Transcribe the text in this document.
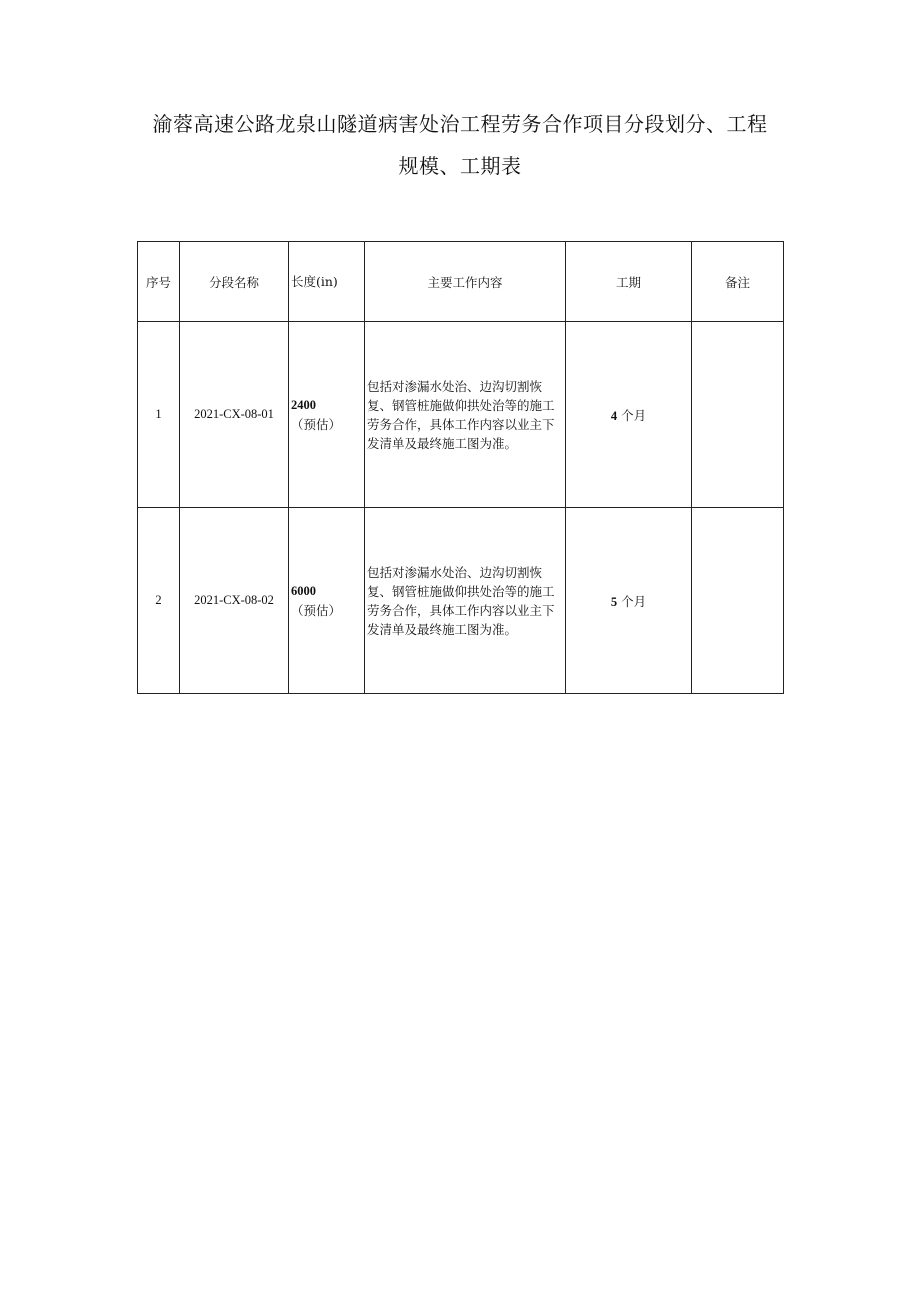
渝蓉高速公路龙泉山隧道病害处治工程劳务合作项目分段划分、工程
规模、工期表
序号	分段名称	长度(in)	主要工作内容	工期	备注
1	2021-CX-08-01	2400（预估）	包括对渗漏水处治、边沟切割恢复、钢管桩施做仰拱处治等的施工劳务合作，具体工作内容以业主下发清单及最终施工图为准。	4 个月	
2	2021-CX-08-02	6000（预估）	包括对渗漏水处治、边沟切割恢复、钢管桩施做仰拱处治等的施工劳务合作，具体工作内容以业主下发清单及最终施工图为准。	5 个月	
